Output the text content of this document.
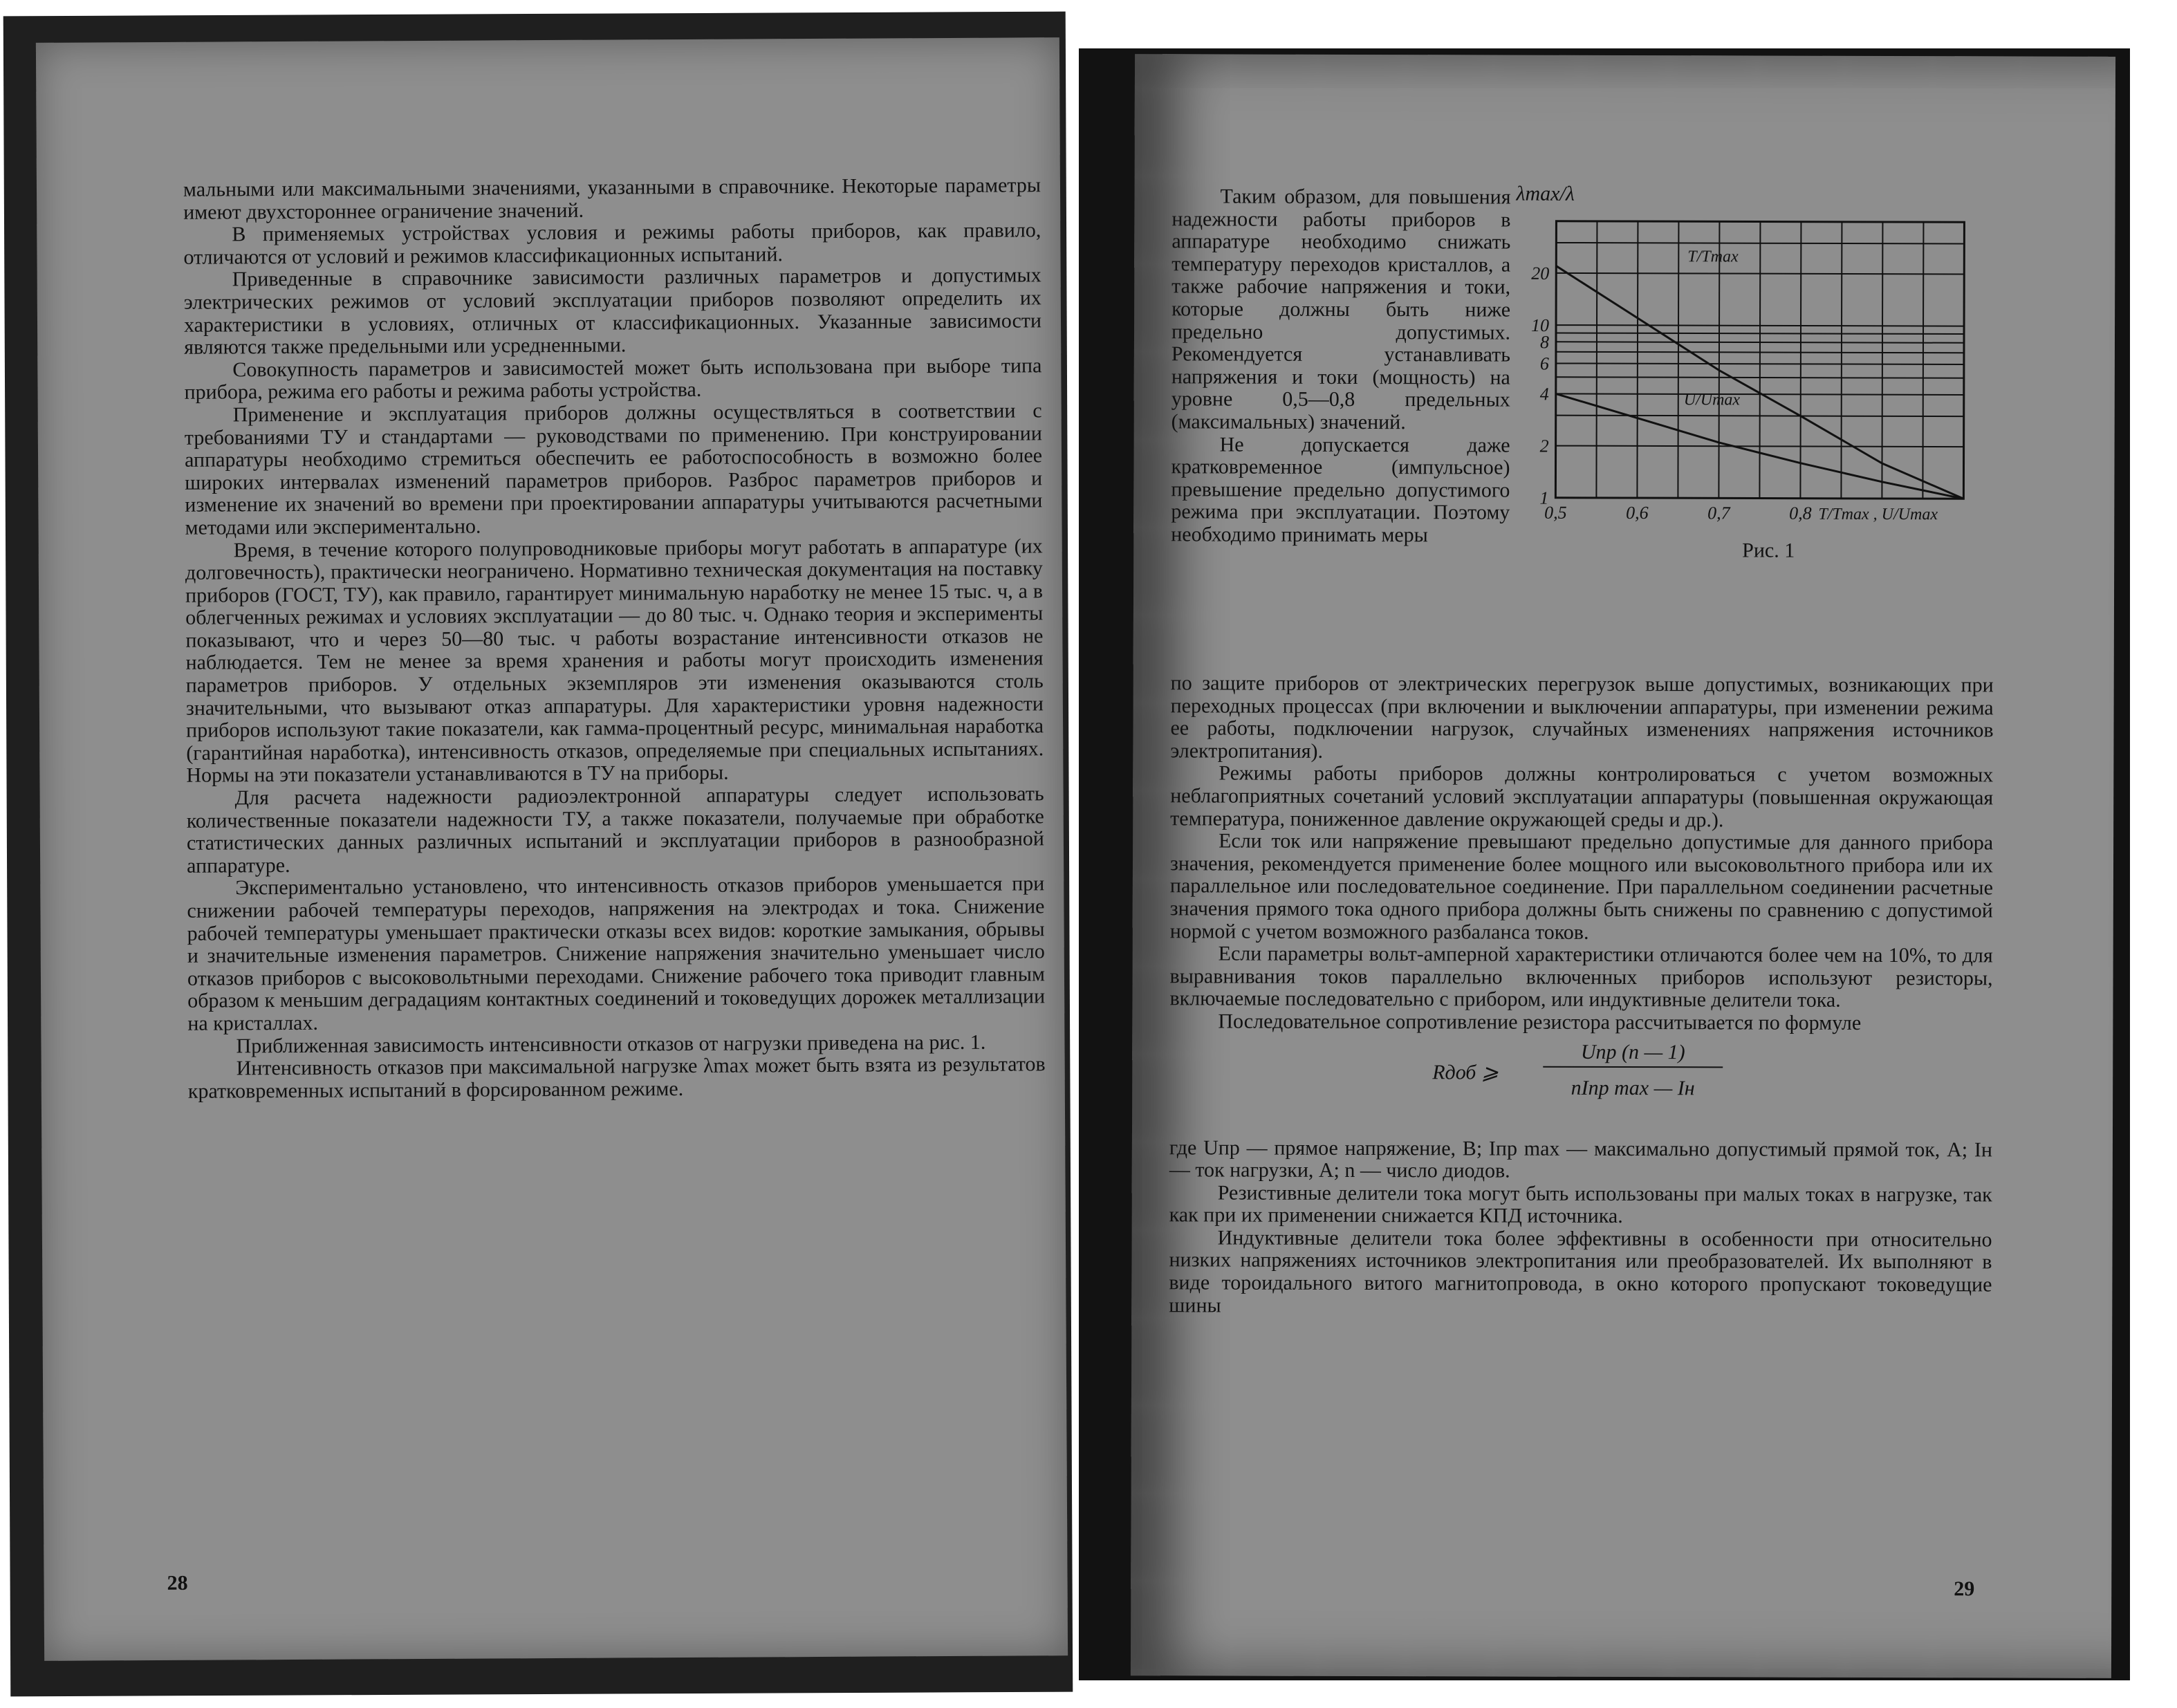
мальными или максимальными значениями, указанными в справочнике. Некоторые параметры имеют двухстороннее ограничение значений.

В применяемых устройствах условия и режимы работы приборов, как правило, отличаются от условий и режимов классификационных испытаний.

Приведенные в справочнике зависимости различных параметров и допустимых электрических режимов от условий эксплуатации приборов позволяют определить их характеристики в условиях, отличных от классификационных. Указанные зависимости являются также предельными или усредненными.

Совокупность параметров и зависимостей может быть использована при выборе типа прибора, режима его работы и режима работы устройства.

Применение и эксплуатация приборов должны осуществляться в соответствии с требованиями ТУ и стандартами — руководствами по применению. При конструировании аппаратуры необходимо стремиться обеспечить ее работоспособность в возможно более широких интервалах изменений параметров приборов. Разброс параметров приборов и изменение их значений во времени при проектировании аппаратуры учитываются расчетными методами или экспериментально.

Время, в течение которого полупроводниковые приборы могут работать в аппаратуре (их долговечность), практически неограничено. Нормативно техническая документация на поставку приборов (ГОСТ, ТУ), как правило, гарантирует минимальную наработку не менее 15 тыс. ч, а в облегченных режимах и условиях эксплуатации — до 80 тыс. ч. Однако теория и эксперименты показывают, что и через 50—80 тыс. ч работы возрастание интенсивности отказов не наблюдается. Тем не менее за время хранения и работы могут происходить изменения параметров приборов. У отдельных экземпляров эти изменения оказываются столь значительными, что вызывают отказ аппаратуры. Для характеристики уровня надежности приборов используют такие показатели, как гамма-процентный ресурс, минимальная наработка (гарантийная наработка), интенсивность отказов, определяемые при специальных испытаниях. Нормы на эти показатели устанавливаются в ТУ на приборы.

Для расчета надежности радиоэлектронной аппаратуры следует использовать количественные показатели надежности ТУ, а также показатели, получаемые при обработке статистических данных различных испытаний и эксплуатации приборов в разнообразной аппаратуре.

Экспериментально установлено, что интенсивность отказов приборов уменьшается при снижении рабочей температуры переходов, напряжения на электродах и тока. Снижение рабочей температуры уменьшает практически отказы всех видов: короткие замыкания, обрывы и значительные изменения параметров. Снижение напряжения значительно уменьшает число отказов приборов с высоковольтными переходами. Снижение рабочего тока приводит главным образом к меньшим деградациям контактных соединений и токоведущих дорожек металлизации на кристаллах.

Приближенная зависимость интенсивности отказов от нагрузки приведена на рис. 1.

Интенсивность отказов при максимальной нагрузке λmax может быть взята из результатов кратковременных испытаний в форсированном режиме.

28

Таким образом, для повышения надежности работы приборов в аппаратуре необходимо снижать температуру переходов кристаллов, а также рабочие напряжения и токи, которые должны быть ниже предельно допустимых. Рекомендуется устанавливать напряжения и токи (мощность) на уровне 0,5—0,8 предельных (максимальных) значений.

Не допускается даже кратковременное (импульсное) превышение предельно допустимого режима при эксплуатации. Поэтому необходимо принимать меры

1
2
4
6
8
10
20
0,5	0,6	0,7	0,8
λmax/λ
T/Tmax , U/Umax
T/Tmax
U/Umax
Рис. 1

по защите приборов от электрических перегрузок выше допустимых, возникающих при переходных процессах (при включении и выключении аппаратуры, при изменении режима ее работы, подключении нагрузок, случайных изменениях напряжения источников электропитания).

Режимы работы приборов должны контролироваться с учетом возможных неблагоприятных сочетаний условий эксплуатации аппаратуры (повышенная окружающая температура, пониженное давление окружающей среды и др.).

Если ток или напряжение превышают предельно допустимые для данного прибора значения, рекомендуется применение более мощного или высоковольтного прибора или их параллельное или последовательное соединение. При параллельном соединении расчетные значения прямого тока одного прибора должны быть снижены по сравнению с допустимой нормой с учетом возможного разбаланса токов.

Если параметры вольт-амперной характеристики отличаются более чем на 10%, то для выравнивания токов параллельно включенных приборов используют резисторы, включаемые последовательно с прибором, или индуктивные делители тока.

Последовательное сопротивление резистора рассчитывается по формуле

Rдоб ⩾
Uпр (n — 1)
nIпр max — Iн

где Uпр — прямое напряжение, В; Iпр max — максимально допустимый прямой ток, А; Iн — ток нагрузки, А; n — число диодов.

Резистивные делители тока могут быть использованы при малых токах в нагрузке, так как при их применении снижается КПД источника.

Индуктивные делители тока более эффективны в особенности при относительно низких напряжениях источников электропитания или преобразователей. Их выполняют в виде тороидального витого магнитопровода, в окно которого пропускают токоведущие шины

29
